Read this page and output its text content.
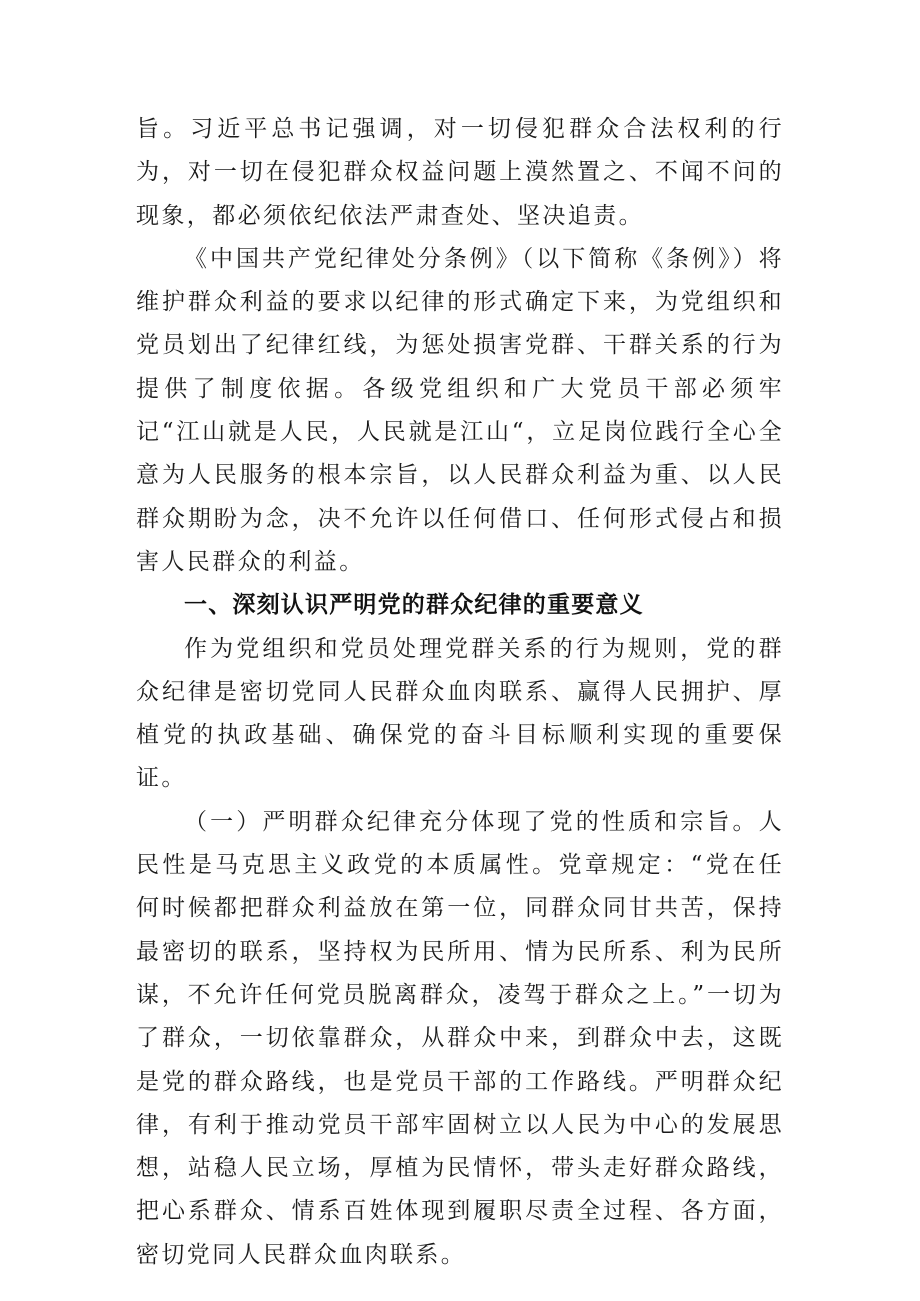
旨。习近平总书记强调，对一切侵犯群众合法权利的行为，对一切在侵犯群众权益问题上漠然置之、不闻不问的现象，都必须依纪依法严肃查处、坚决追责。

《中国共产党纪律处分条例》（以下简称《条例》）将维护群众利益的要求以纪律的形式确定下来，为党组织和党员划出了纪律红线，为惩处损害党群、干群关系的行为提供了制度依据。各级党组织和广大党员干部必须牢记“江山就是人民，人民就是江山“，立足岗位践行全心全意为人民服务的根本宗旨，以人民群众利益为重、以人民群众期盼为念，决不允许以任何借口、任何形式侵占和损害人民群众的利益。

一、深刻认识严明党的群众纪律的重要意义

作为党组织和党员处理党群关系的行为规则，党的群众纪律是密切党同人民群众血肉联系、赢得人民拥护、厚植党的执政基础、确保党的奋斗目标顺利实现的重要保证。

（一）严明群众纪律充分体现了党的性质和宗旨。人民性是马克思主义政党的本质属性。党章规定：“党在任何时候都把群众利益放在第一位，同群众同甘共苦，保持最密切的联系，坚持权为民所用、情为民所系、利为民所谋，不允许任何党员脱离群众，凌驾于群众之上。”一切为了群众，一切依靠群众，从群众中来，到群众中去，这既是党的群众路线，也是党员干部的工作路线。严明群众纪律，有利于推动党员干部牢固树立以人民为中心的发展思想，站稳人民立场，厚植为民情怀，带头走好群众路线，把心系群众、情系百姓体现到履职尽责全过程、各方面，密切党同人民群众血肉联系。
